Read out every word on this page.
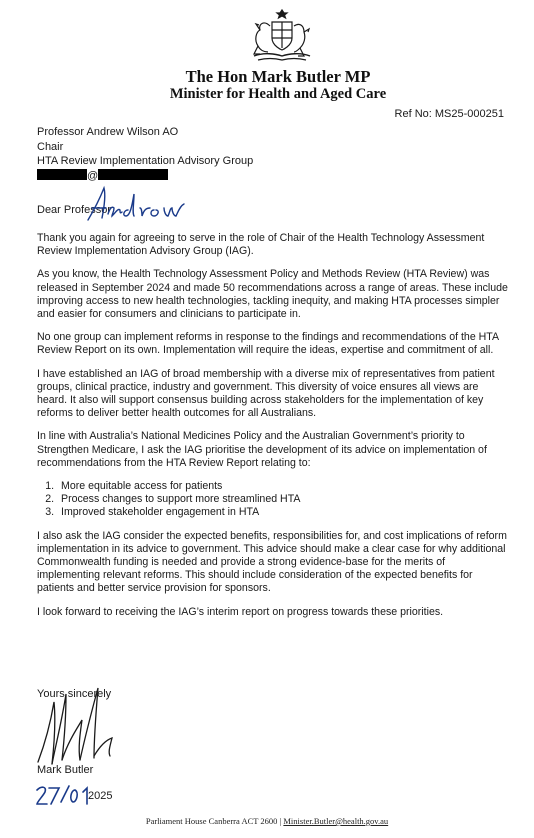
The Hon Mark Butler MP
Minister for Health and Aged Care
Ref No: MS25-000251
Professor Andrew Wilson AO
Chair
HTA Review Implementation Advisory Group
@
Dear Professor

Thank you again for agreeing to serve in the role of Chair of the Health Technology Assessment Review Implementation Advisory Group (IAG).

As you know, the Health Technology Assessment Policy and Methods Review (HTA Review) was released in September 2024 and made 50 recommendations across a range of areas. These include improving access to new health technologies, tackling inequity, and making HTA processes simpler and easier for consumers and clinicians to participate in.

No one group can implement reforms in response to the findings and recommendations of the HTA Review Report on its own. Implementation will require the ideas, expertise and commitment of all.

I have established an IAG of broad membership with a diverse mix of representatives from patient groups, clinical practice, industry and government. This diversity of voice ensures all views are heard. It also will support consensus building across stakeholders for the implementation of key reforms to deliver better health outcomes for all Australians.

In line with Australia’s National Medicines Policy and the Australian Government’s priority to Strengthen Medicare, I ask the IAG prioritise the development of its advice on implementation of recommendations from the HTA Review Report relating to:

1. More equitable access for patients
2. Process changes to support more streamlined HTA
3. Improved stakeholder engagement in HTA

I also ask the IAG consider the expected benefits, responsibilities for, and cost implications of reform implementation in its advice to government. This advice should make a clear case for why additional Commonwealth funding is needed and provide a strong evidence-base for the merits of implementing relevant reforms. This should include consideration of the expected benefits for patients and better service provision for sponsors.

I look forward to receiving the IAG’s interim report on progress towards these priorities.

Yours sincerely
Mark Butler
2025
Parliament House Canberra ACT 2600 | Minister.Butler@health.gov.au
